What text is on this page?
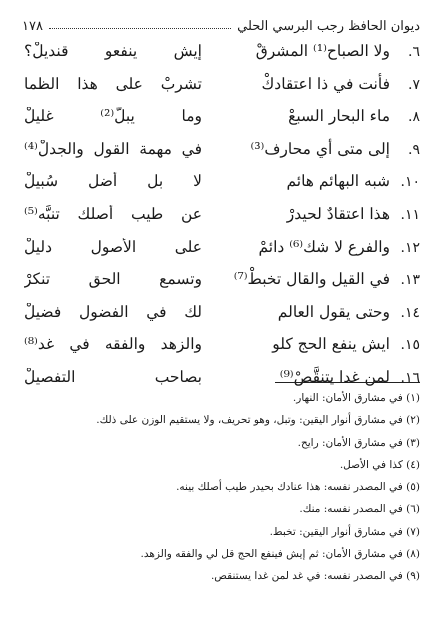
ديوان الحافظ رجب البرسي الحلي
١٧٨
٦.
ولا الصباح⁽¹⁾ المشرقْ
إيش ينفعو قنديلْ؟
٧.
فأنت في ذا اعتقادكْ
تشربْ على هذا الظما
٨.
ماء البحار السبعْ
وما يبلُّ⁽²⁾ غليلْ
٩.
إلى متى أي محارف⁽³⁾
في مهمة القول والجدلْ⁽⁴⁾
١٠.
شبه البهائم هائم
لا بل أضل سُبيلْ
١١.
هذا اعتقادٌ لحيدرْ
عن طيب أصلك تنبَّه⁽⁵⁾
١٢.
والفرع لا شك⁽⁶⁾ دائمْ
على الأصول دليلْ
١٣.
في القيل والقال تخبطْ⁽⁷⁾
وتسمع الحق تنكرْ
١٤.
وحتى يقول العالم
لك في الفضول فضيلْ
١٥.
ايش ينفع الحج كلو
والزهد والفقه في غد⁽⁸⁾
١٦.
لمن غدا يتنقَّصْ⁽⁹⁾
بصاحب التفصيلْ
(١) في مشارق الأمان: النهار.
(٢) في مشارق أنوار اليقين: وتبل، وهو تحريف، ولا يستقيم الوزن على ذلك.
(٣) في مشارق الأمان: رايح.
(٤) كذا في الأصل.
(٥) في المصدر نفسه: هذا عنادك بحيدر طيب أصلك بينه.
(٦) في المصدر نفسه: منك.
(٧) في مشارق أنوار اليقين: تخبط.
(٨) في مشارق الأمان: ثم إيش فينفع الحج قل لي والفقه والزهد.
(٩) في المصدر نفسه: في غد لمن غدا يستنقص.
